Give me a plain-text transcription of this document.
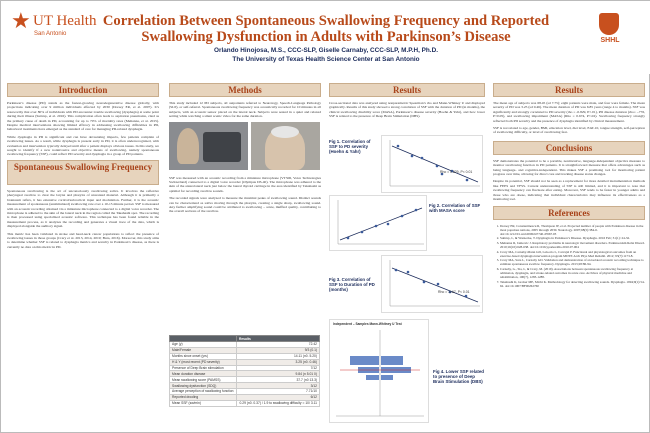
★ UT Health
San Antonio
Correlation Between Spontaneous Swallowing Frequency and Reported Swallowing Dysfunction in Adults with Parkinson’s Disease
Orlando Hinojosa, M.S., CCC-SLP, Giselle Carnaby, CCC-SLP, M.P.H, Ph.D.
The University of Texas Health Science Center at San Antonio
SHHL
Introduction

Parkinson’s disease (PD) stands as the fastest-growing neurodegenerative disease globally, with projections indicating over 9 million individuals affected by 2030 (Dorsey ER, et al. 2007). It’s noteworthy that over 80% of individuals with PD encounter trouble swallowing (dysphagia) at some point during their illness (Suttrup, et al. 2016). This complication often leads to aspiration pneumonia, cited as the primary cause of death in PD, accounting for up to 70% of mortality rates (Mehanna, et al. 2015). Despite medical interventions showing limited efficacy in addressing swallowing difficulties in PD, behavioral treatments have emerged as the standard of care for managing PD-related dysphagia.

While dysphagia in PD is significant and can have devastating impacts, few patients complain of swallowing issues. As a result, while dysphagia is present early in PD, it is often underrecognized, with evaluation and intervention typically delayed until after a patient displays obvious issues. In this study, we sought to identify if a new noninvasive and objective means of swallowing, namely spontaneous swallowing frequency (SSF), could reflect PD severity and dysphagia in a group of PD patients.

Spontaneous Swallowing Frequency

Spontaneous swallowing is the act of unconsciously swallowing saliva. It involves the reflexive pharyngeal swallow to clear the larynx and pharynx of unwanted material. Although it is primarily a brainstem reflex, it has extensive cortical/subcortical input and modulation. Further, it is the acoustic measurement of spontaneous (unstimulated) swallowing rate over a 10-15 minute period. SSF is measured with an acoustic recording obtained via a miniature microphone connected to a digital voice recorder. The microphone is adhered to the skin of the lateral neck in the region called the Takahashi spot. The recording is then processed using specialized acoustic software. This technique has been found reliable in the measurement process, as it analyzes the recording and generates a visual trace of the data, which is displayed alongside the auditory signal.

This metric has been validated in stroke and head-neck cancer populations to reflect the presence of swallowing issues in those groups (Crary et al. 2013, 2014, 2019; Bura, 2016). Moreover, this study aims to determine whether SSF is related to dysphagia metrics and severity in Parkinson’s disease, as there is currently no data on this metric in PD.

Methods

This study included 12 PD subjects, all outpatients referred to Neurology, Speech-Language Pathology (SLP), or self-referral. Spontaneous swallowing frequency was acoustically recorded for 10 minutes in all subjects, with an acoustic sensor placed on the lateral neck. Subjects were seated in a quiet and relaxed setting while watching a silent scenic video for the same duration.

SSF was measured with an acoustic recording from a miniature microphone (VT506, Voice Technologies Switzerland) connected to a digital voice recorder (Olympus DS-40). The microphone was adhered to the skin of the anterolateral neck just below the lateral thyroid cartilage in the area identified by Takahashi as optimal for recording swallow sounds.

The recorded signals were analyzed to measure the maximal peaks of swallowing sound. Distinct sounds can be characterized as saliva moving through the pharynx, creating a single sharp, swallowing sound. Any further amplifying sound could be attributed to swallowing – acute, muffled quality, contributing to the overall sections of the swallow.

	Results
Age (y)	72.42
Male/Female	9/3 (0.1)
Months since onset (yrs)	14.11 (n0. 5.20)
H & Y (most recent (PD severity)	3.25 (n0. 0.46)
Presence of Deep Brain stimulation	7/12
Mean duration disease	9.84 (n 5.01 0)
Mean swallowing score (PAMSS)	37.7 (n0 13.3)
Swallowing dysfunction (SDQ)	3/12
Average perception of swallowing function	7.71/10
Reported drooling	6/12
Mean SSF (sw/min)	0.29 (n0. 0.37) / 1.9 to swallowing difficulty = 10/ 3.11
Results

Cross-sectional data was analyzed using nonparametric Spearman’s rho and Mann-Whitney U and displayed graphically. Results of this study showed a strong correlation of SSF with the duration of PD (in months), the clinical swallowing disability score (MASA), Parkinson’s disease severity (Hoehn & Yahr), and how lower SSF is related to the presence of Deep Brain Stimulation (DBS).

Fig 1. Correlation of SSF to PD severity (Hoehn & Yahr)
Rho = 0.829, P< 0.01
Fig 2. Correlation of SSF with MASA score
Fig 3. Correlation of SSF to Duration of PD (months)	Rho = -0.67, P< 0.01
Independent – Samples Mann-Whitney U Test
Fig 4. Lower SSF related to presence of Deep Brain Stimulation (DBS)
Results

The mean age of subjects was 68.45 (sd 7.75); eight patients were male, and four were female. The mean severity of PD was 3.25 (sd 0.46). The mean duration of PD was 6.85 years (range 4 to months). SSF was significantly and strongly correlated to PD severity (rho = -0.829, P<.01), PD disease duration (rho= -.776, P<0.05), and swallowing impairment (MASA) (Rho = 0.674, P<.02). Swallowing frequency strongly reflected both PD severity and the presence of dysphagia identified by clinical measurement.

SSF is not related to age, gender, BMI, education level, diet level, EAT-10, tongue strength, self-perception of swallowing difficulty, or level of swallowing fear.

Conclusions

SSF demonstrates the potential to be a portable, noninvasive, language-independent objective measure to monitor swallowing function in PD patients. It is straightforward measure that offers advantages such as being language- and cognitive-independent. This makes SSF a promising tool for monitoring patient progress over time, allowing for direct care and tracking disease status changes.

Despite its potential, SSF should not be seen as a replacement for more detailed instrumentation methods like FEES and VFSS. Current understanding of SSF is still limited, and it is important to note that swallowing frequency can fluctuate after eating. Moreover, SSF tends to be faster in younger adults and those who are obese, indicating that individual characteristics may influence its effectiveness as a monitoring tool.

References
1. Dorsey ER, Constantinescu R, Thompson JP, et al. Projected number of people with Parkinson disease in the most populous nations, 2005 through 2030. Neurology. 2007;68(5):384-6. doi:10.1212/01.wnl.0000247740.47667.03
2. Suttrup, I., & Warnecke, T. Dysphagia in Parkinson’s Disease. Dysphagia. 2016 Feb; 31(1): 24-32.
3. Mehanna R, Jankovic J. Respiratory problems in neurologic movement disorders. Parkinsonism Relat Disord. 2010;16(10):628-638. doi:10.1016/j.parkreldis.2010.07.004
4. Crary MA, Carnaby-Mann GD, LaGorio L, Carvajal P. Functional and physiological outcomes from an exercise-based dysphagia intervention program MDTP. Arch Phys Med Rehabil. 2012; 93(7):1173-8.
5. Crary MA, Sura L, Carnaby GD. Validation and demonstration of an isolated acoustic recording technique to estimate spontaneous swallow frequency. Dysphagia. 2013;28:86-94.
6. Carnaby, G., Sia, I., & Crary, M. (2019). Associations between spontaneous swallowing frequency at admission, dysphagia, and stroke-related outcomes in acute care. Archives of physical medicine and rehabilitation, 100(7), 1283-1288.
7. Takahashi K, Groher ME, Michi K. Methodology for detecting swallowing sounds. Dysphagia. 1994;9(1):54-62. doi:10.1007/BF00262760
